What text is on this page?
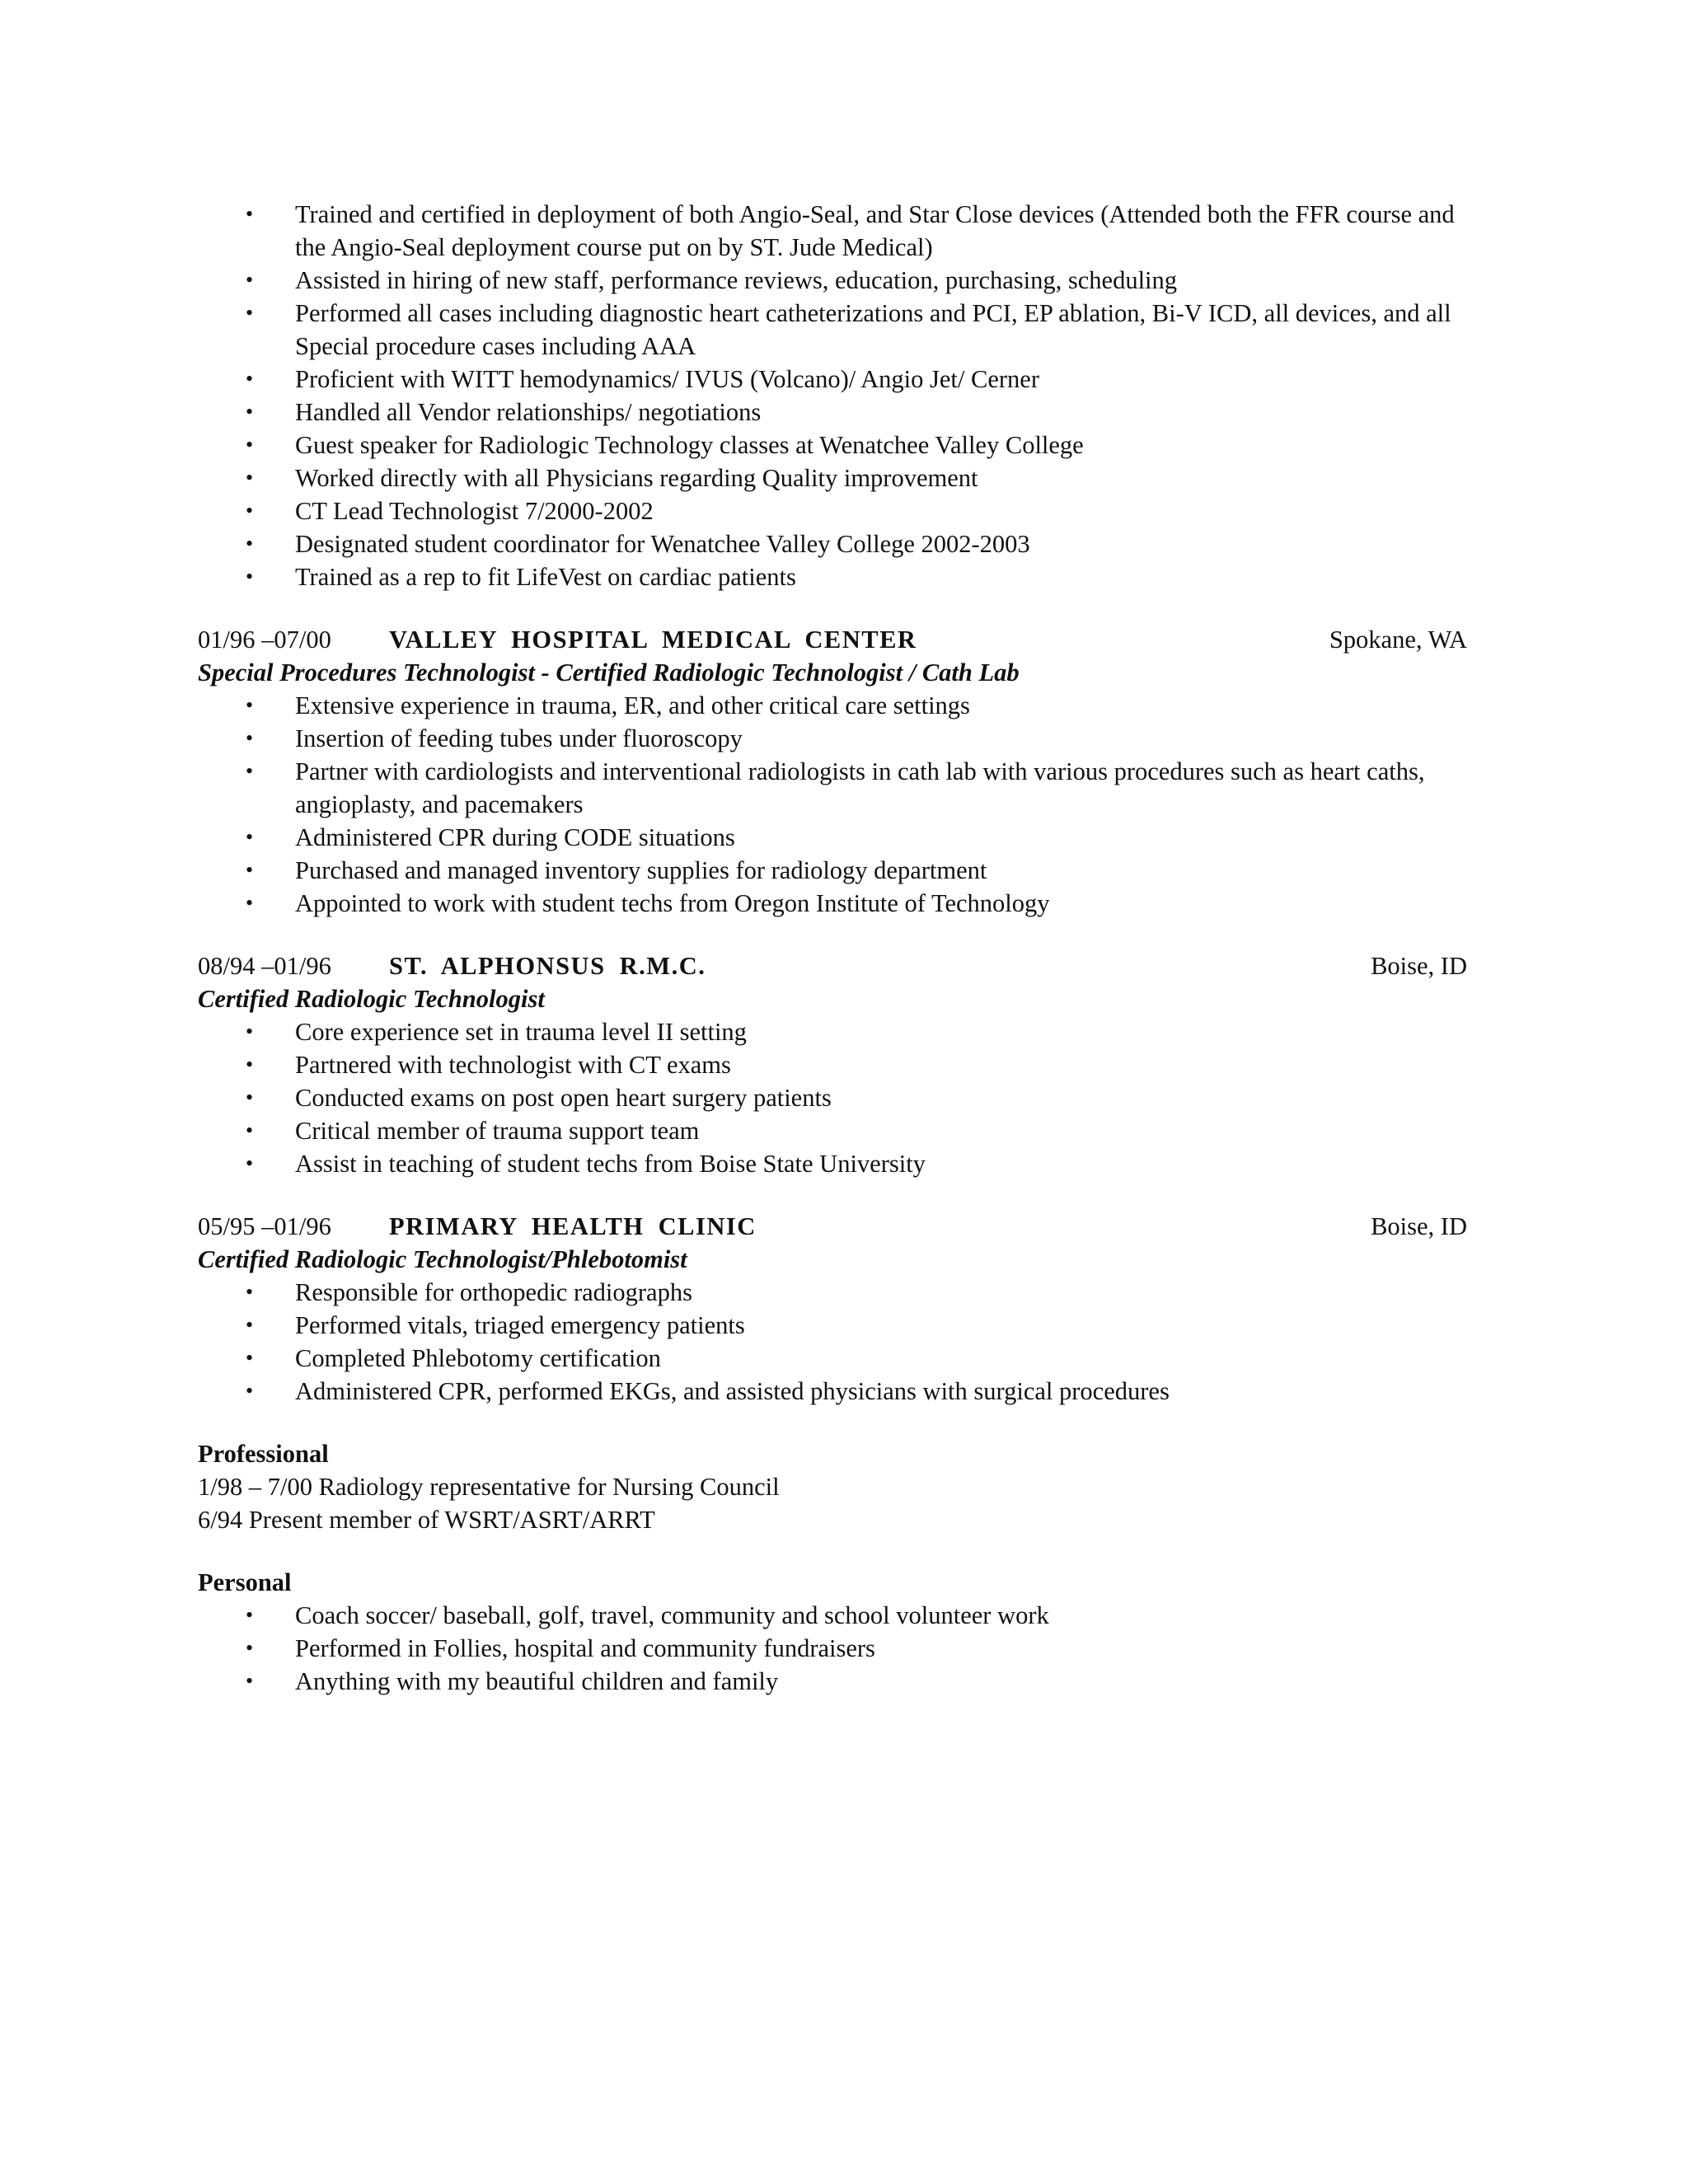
• Trained and certified in deployment of both Angio-Seal, and Star Close devices (Attended both the FFR course and the Angio-Seal deployment course put on by ST. Jude Medical)
• Assisted in hiring of new staff, performance reviews, education, purchasing, scheduling
• Performed all cases including diagnostic heart catheterizations and PCI, EP ablation, Bi-V ICD, all devices, and all Special procedure cases including AAA
• Proficient with WITT hemodynamics/ IVUS (Volcano)/ Angio Jet/ Cerner
• Handled all Vendor relationships/ negotiations
• Guest speaker for Radiologic Technology classes at Wenatchee Valley College
• Worked directly with all Physicians regarding Quality improvement
• CT Lead Technologist 7/2000-2002
• Designated student coordinator for Wenatchee Valley College 2002-2003
• Trained as a rep to fit LifeVest on cardiac patients
01/96 –07/00 VALLEY HOSPITAL MEDICAL CENTER	Spokane, WA

Special Procedures Technologist - Certified Radiologic Technologist / Cath Lab

• Extensive experience in trauma, ER, and other critical care settings
• Insertion of feeding tubes under fluoroscopy
• Partner with cardiologists and interventional radiologists in cath lab with various procedures such as heart caths, angioplasty, and pacemakers
• Administered CPR during CODE situations
• Purchased and managed inventory supplies for radiology department
• Appointed to work with student techs from Oregon Institute of Technology
08/94 –01/96 ST. ALPHONSUS R.M.C.	Boise, ID

Certified Radiologic Technologist

• Core experience set in trauma level II setting
• Partnered with technologist with CT exams
• Conducted exams on post open heart surgery patients
• Critical member of trauma support team
• Assist in teaching of student techs from Boise State University
05/95 –01/96 PRIMARY HEALTH CLINIC	Boise, ID

Certified Radiologic Technologist/Phlebotomist

• Responsible for orthopedic radiographs
• Performed vitals, triaged emergency patients
• Completed Phlebotomy certification
• Administered CPR, performed EKGs, and assisted physicians with surgical procedures

Professional

1/98 – 7/00 Radiology representative for Nursing Council

6/94 Present member of WSRT/ASRT/ARRT

Personal

• Coach soccer/ baseball, golf, travel, community and school volunteer work
• Performed in Follies, hospital and community fundraisers
• Anything with my beautiful children and family
